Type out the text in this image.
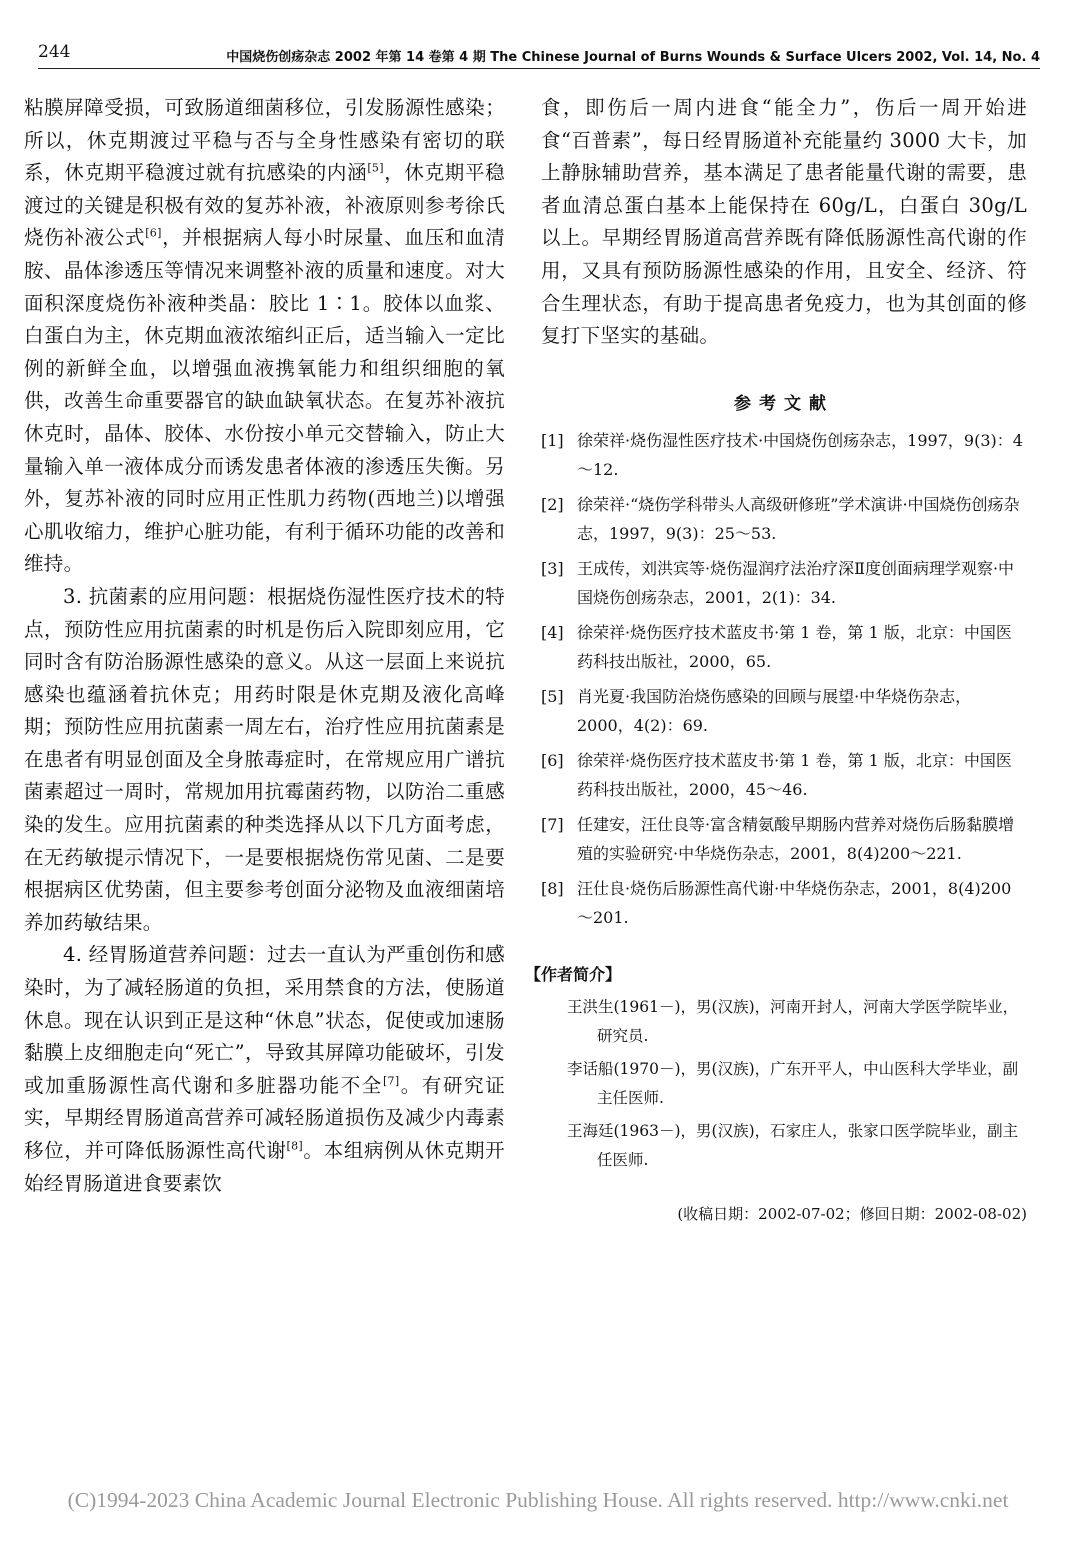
244	中国烧伤创疡杂志 2002 年第 14 卷第 4 期 The Chinese Journal of Burns Wounds & Surface Ulcers 2002, Vol. 14, No. 4

粘膜屏障受损，可致肠道细菌移位，引发肠源性感染；所以，休克期渡过平稳与否与全身性感染有密切的联系，休克期平稳渡过就有抗感染的内涵[5]，休克期平稳渡过的关键是积极有效的复苏补液，补液原则参考徐氏烧伤补液公式[6]，并根据病人每小时尿量、血压和血清胺、晶体渗透压等情况来调整补液的质量和速度。对大面积深度烧伤补液种类晶：胶比 1∶1。胶体以血浆、白蛋白为主，休克期血液浓缩纠正后，适当输入一定比例的新鲜全血，以增强血液携氧能力和组织细胞的氧供，改善生命重要器官的缺血缺氧状态。在复苏补液抗休克时，晶体、胶体、水份按小单元交替输入，防止大量输入单一液体成分而诱发患者体液的渗透压失衡。另外，复苏补液的同时应用正性肌力药物(西地兰)以增强心肌收缩力，维护心脏功能，有利于循环功能的改善和维持。

3. 抗菌素的应用问题：根据烧伤湿性医疗技术的特点，预防性应用抗菌素的时机是伤后入院即刻应用，它同时含有防治肠源性感染的意义。从这一层面上来说抗感染也蕴涵着抗休克；用药时限是休克期及液化高峰期；预防性应用抗菌素一周左右，治疗性应用抗菌素是在患者有明显创面及全身脓毒症时，在常规应用广谱抗菌素超过一周时，常规加用抗霉菌药物，以防治二重感染的发生。应用抗菌素的种类选择从以下几方面考虑，在无药敏提示情况下，一是要根据烧伤常见菌、二是要根据病区优势菌，但主要参考创面分泌物及血液细菌培养加药敏结果。

4. 经胃肠道营养问题：过去一直认为严重创伤和感染时，为了减轻肠道的负担，采用禁食的方法，使肠道休息。现在认识到正是这种“休息”状态，促使或加速肠黏膜上皮细胞走向“死亡”，导致其屏障功能破坏，引发或加重肠源性高代谢和多脏器功能不全[7]。有研究证实，早期经胃肠道高营养可减轻肠道损伤及减少内毒素移位，并可降低肠源性高代谢[8]。本组病例从休克期开始经胃肠道进食要素饮

食，即伤后一周内进食“能全力”，伤后一周开始进食“百普素”，每日经胃肠道补充能量约 3000 大卡，加上静脉辅助营养，基本满足了患者能量代谢的需要，患者血清总蛋白基本上能保持在 60g/L，白蛋白 30g/L 以上。早期经胃肠道高营养既有降低肠源性高代谢的作用，又具有预防肠源性感染的作用，且安全、经济、符合生理状态，有助于提高患者免疫力，也为其创面的修复打下坚实的基础。

参考文献
[1] 徐荣祥·烧伤湿性医疗技术·中国烧伤创疡杂志，1997，9(3)：4～12.
[2] 徐荣祥·“烧伤学科带头人高级研修班”学术演讲·中国烧伤创疡杂志，1997，9(3)：25～53.
[3] 王成传，刘洪宾等·烧伤湿润疗法治疗深Ⅱ度创面病理学观察·中国烧伤创疡杂志，2001，2(1)：34.
[4] 徐荣祥·烧伤医疗技术蓝皮书·第 1 卷，第 1 版，北京：中国医药科技出版社，2000，65.
[5] 肖光夏·我国防治烧伤感染的回顾与展望·中华烧伤杂志，2000，4(2)：69.
[6] 徐荣祥·烧伤医疗技术蓝皮书·第 1 卷，第 1 版，北京：中国医药科技出版社，2000，45～46.
[7] 任建安，汪仕良等·富含精氨酸早期肠内营养对烧伤后肠黏膜增殖的实验研究·中华烧伤杂志，2001，8(4)200～221.
[8] 汪仕良·烧伤后肠源性高代谢·中华烧伤杂志，2001，8(4)200～201.
【作者简介】
王洪生(1961－)，男(汉族)，河南开封人，河南大学医学院毕业，研究员.
李话船(1970－)，男(汉族)，广东开平人，中山医科大学毕业，副主任医师.
王海廷(1963－)，男(汉族)，石家庄人，张家口医学院毕业，副主任医师.
(收稿日期：2002-07-02；修回日期：2002-08-02)
(C)1994-2023 China Academic Journal Electronic Publishing House. All rights reserved. http://www.cnki.net
